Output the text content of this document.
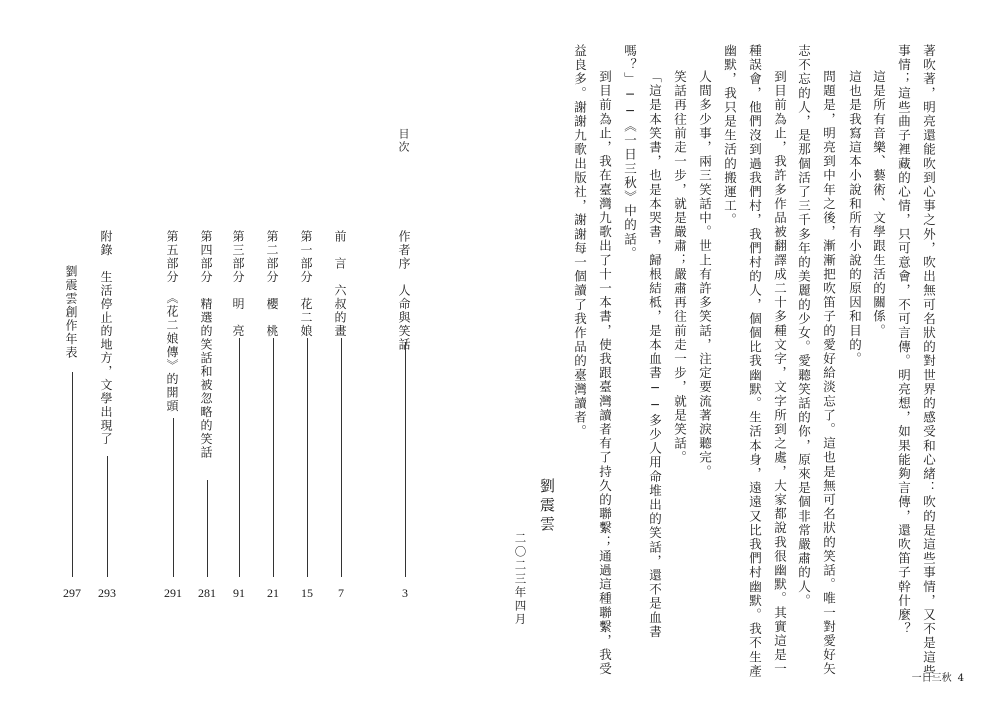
目次
作者序　人命與笑話
3
前　言　六叔的畫
7
第一部分　花二娘
15
第二部分　櫻　桃
21
第三部分　明　亮
91
第四部分　精選的笑話和被忽略的笑話
281
第五部分　《花二娘傳》的開頭
291
附錄　生活停止的地方，文學出現了
293
劉震雲創作年表
297	著吹著，明亮還能吹到心事之外，吹出無可名狀的對世界的感受和心緒：吹的是這些事情，又不是這些
事情；這些曲子裡藏的心情，只可意會，不可言傳。明亮想，如果能夠言傳，還吹笛子幹什麼？
這是所有音樂、藝術、文學跟生活的關係。
這也是我寫這本小說和所有小說的原因和目的。
問題是，明亮到中年之後，漸漸把吹笛子的愛好給淡忘了。這也是無可名狀的笑話。唯一對愛好矢
志不忘的人，是那個活了三千多年的美麗的少女。愛聽笑話的你，原來是個非常嚴肅的人。
到目前為止，我許多作品被翻譯成二十多種文字，文字所到之處，大家都說我很幽默。其實這是一
種誤會，他們沒到過我們村，我們村的人，個個比我幽默。生活本身，遠遠又比我們村幽默。我不生產
幽默，我只是生活的搬運工。
人間多少事，兩三笑話中。世上有許多笑話，注定要流著淚聽完。
笑話再往前走一步，就是嚴肅；嚴肅再往前走一步，就是笑話。
「這是本笑書，也是本哭書，歸根結柢，是本血書──多少人用命堆出的笑話，還不是血書
嗎？」──《一日三秋》中的話。
到目前為止，我在臺灣九歌出了十一本書，使我跟臺灣讀者有了持久的聯繫；通過這種聯繫，我受
益良多。謝謝九歌出版社，謝謝每一個讀了我作品的臺灣讀者。
劉震雲
二〇二三年四月
一日三秋 4
